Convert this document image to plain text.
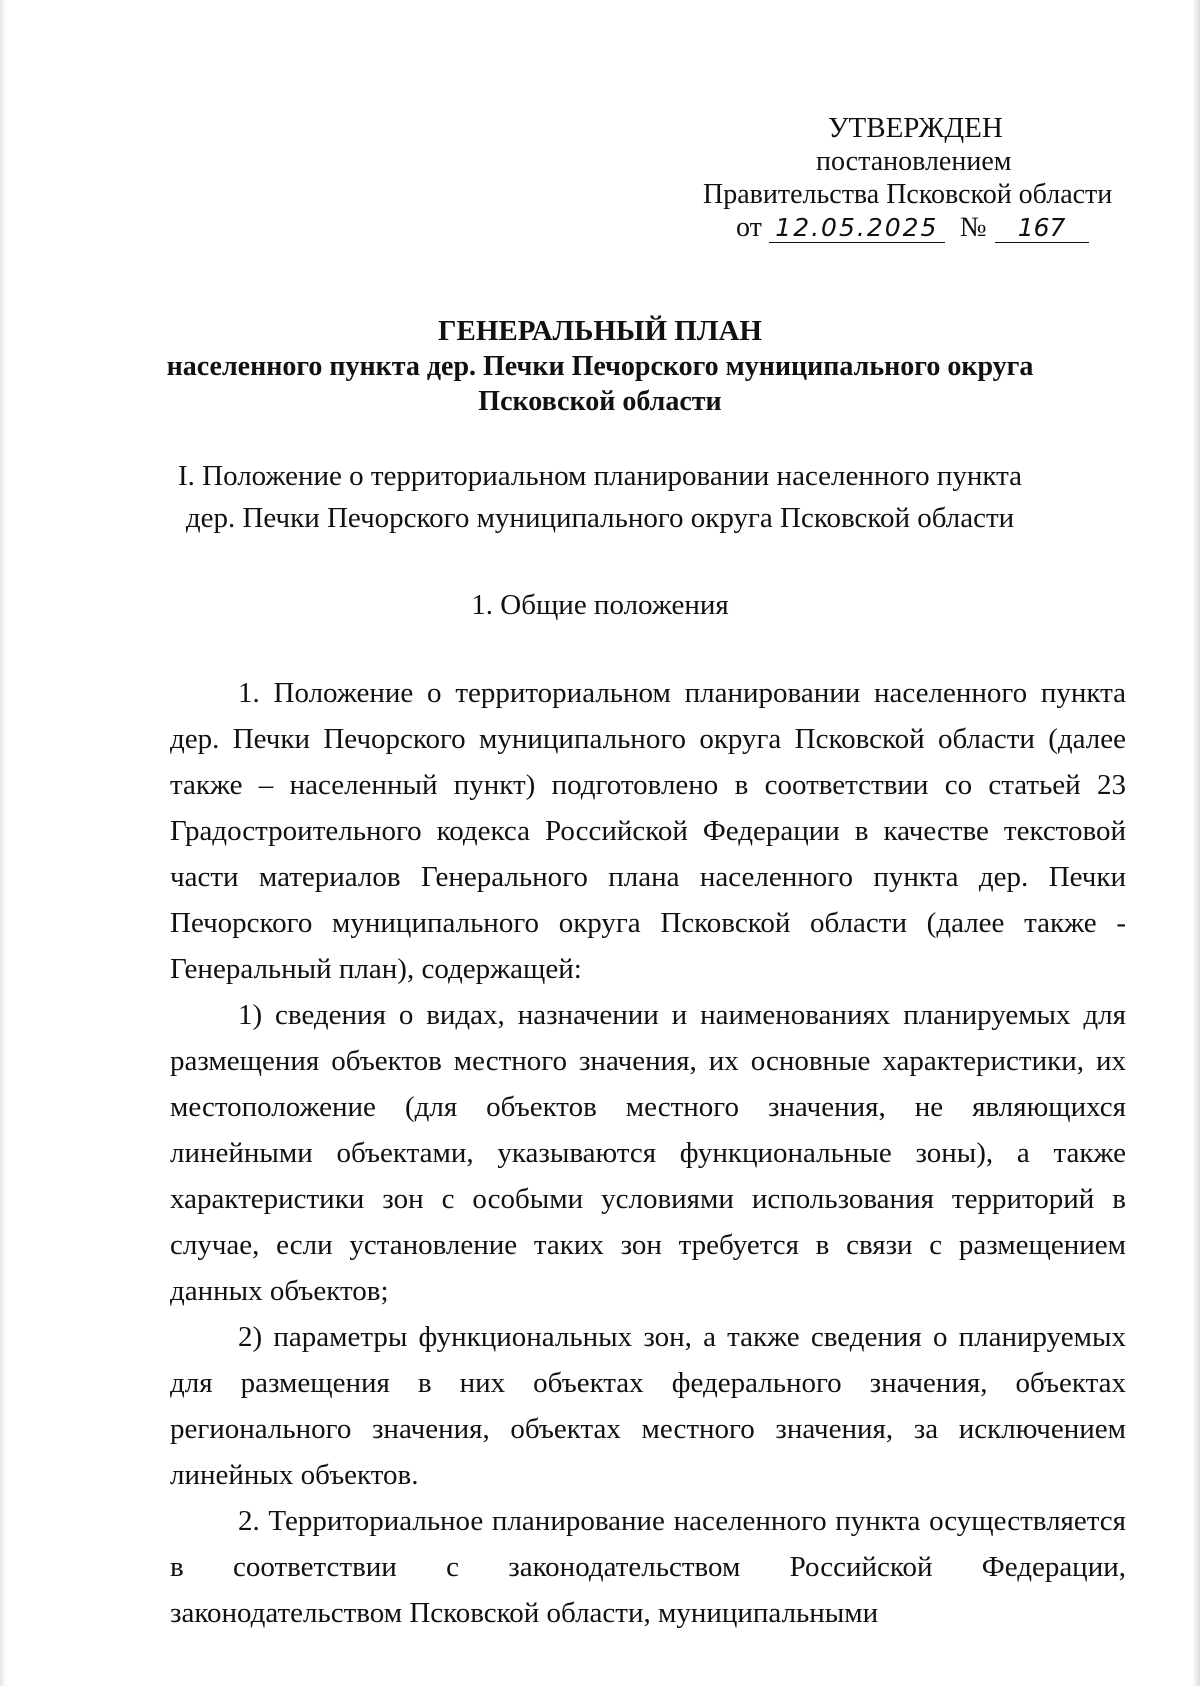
УТВЕРЖДЕН
постановлением
Правительства Псковской области
от 12.05.2025 № 167
ГЕНЕРАЛЬНЫЙ ПЛАН
населенного пункта дер. Печки Печорского муниципального округа
Псковской области
I. Положение о территориальном планировании населенного пункта
дер. Печки Печорского муниципального округа Псковской области
1. Общие положения

1. Положение о территориальном планировании населенного пункта дер. Печки Печорского муниципального округа Псковской области (далее также – населенный пункт) подготовлено в соответствии со статьей 23 Градостроительного кодекса Российской Федерации в качестве текстовой части материалов Генерального плана населенного пункта дер. Печки Печорского муниципального округа Псковской области (далее также - Генеральный план), содержащей:

1) сведения о видах, назначении и наименованиях планируемых для размещения объектов местного значения, их основные характеристики, их местоположение (для объектов местного значения, не являющихся линейными объектами, указываются функциональные зоны), а также характеристики зон с особыми условиями использования территорий в случае, если установление таких зон требуется в связи с размещением данных объектов;

2) параметры функциональных зон, а также сведения о планируемых для размещения в них объектах федерального значения, объектах регионального значения, объектах местного значения, за исключением линейных объектов.

2. Территориальное планирование населенного пункта осуществляется в соответствии с законодательством Российской Федерации, законодательством Псковской области, муниципальными
